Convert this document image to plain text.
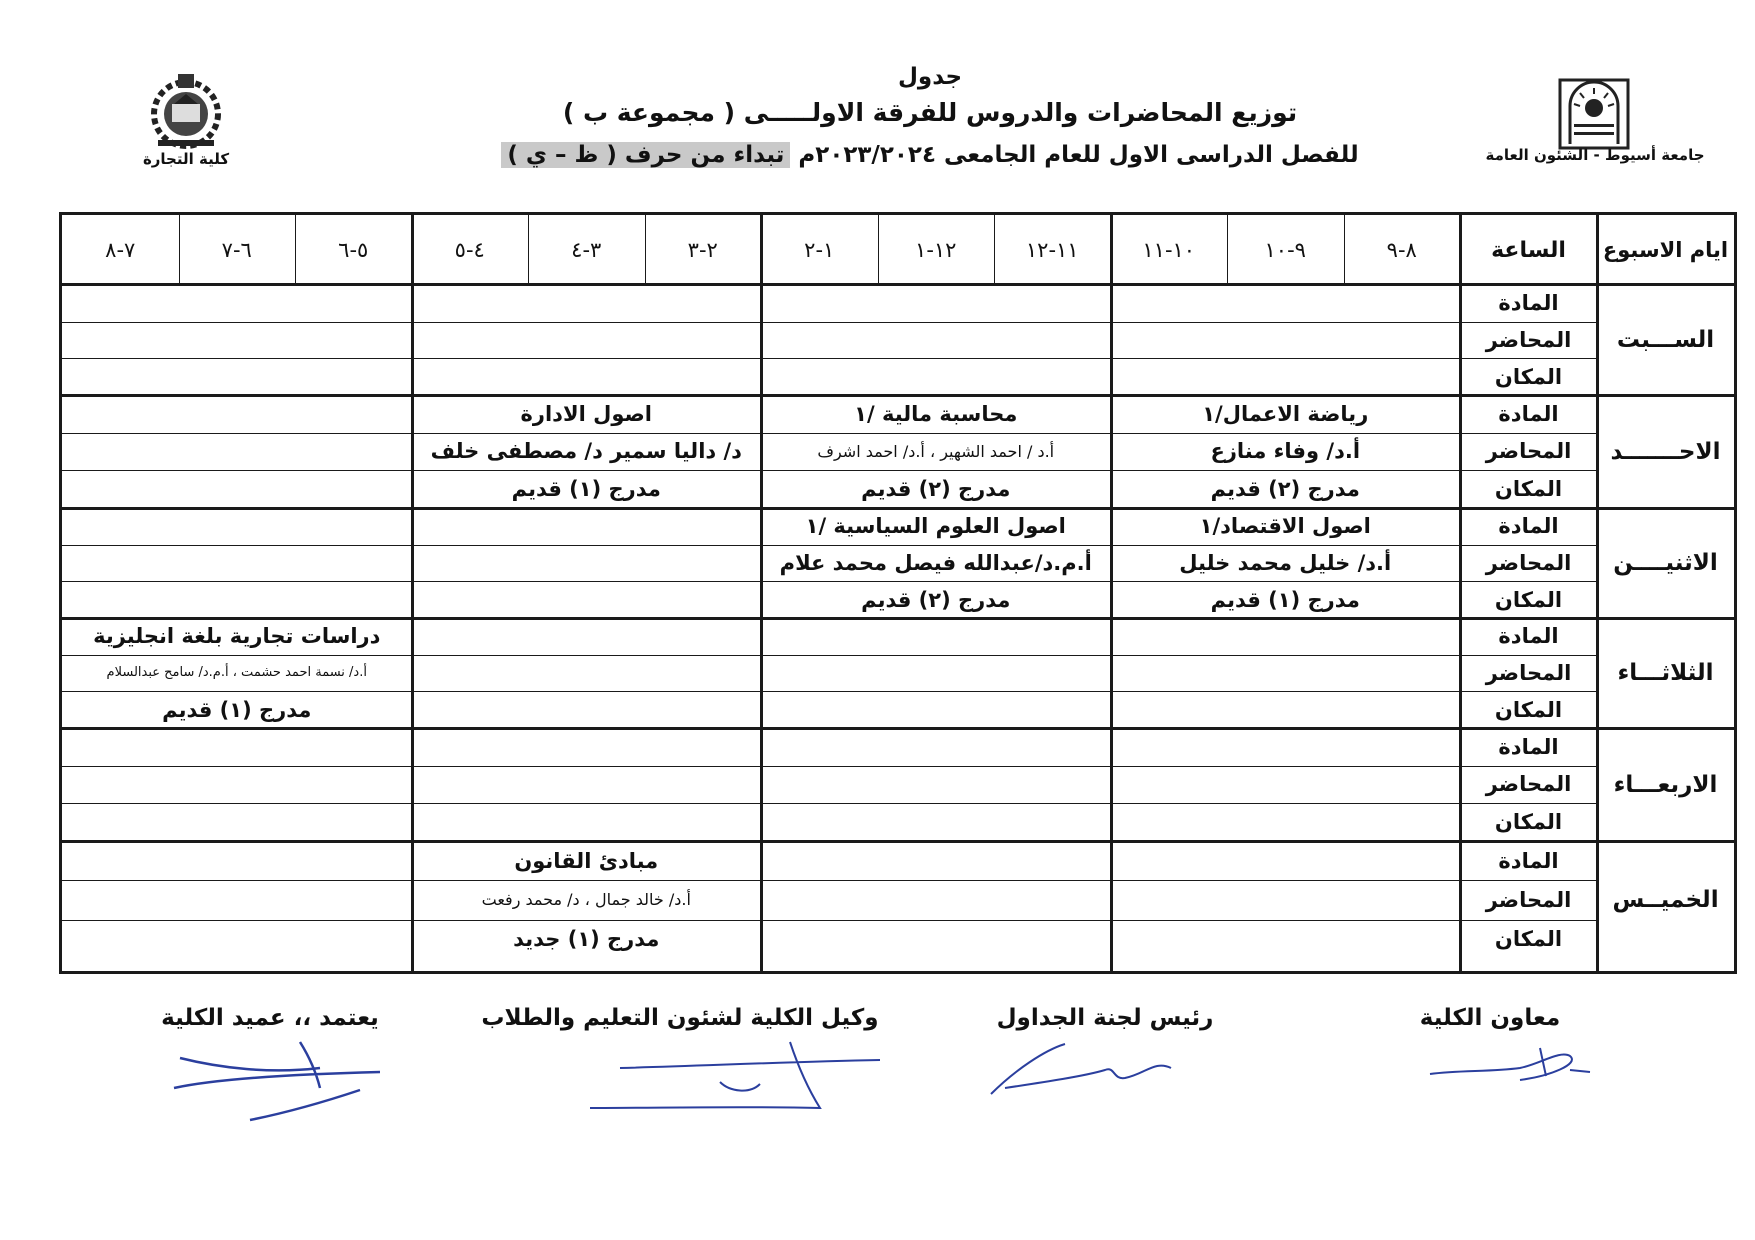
جدول
توزيع المحاضرات والدروس للفرقة الاولـــــى ( مجموعة ب )
للفصل الدراسى الاول للعام الجامعى ٢٠٢٣/٢٠٢٤م تبداء من حرف ( ظ – ي )	جامعة أسيوط - الشئون العامة
كلية التجارة
ايام الاسبوع
الساعة
٨-٩
٩-١٠
١٠-١١
١١-١٢
١٢-١
١-٢
٢-٣
٣-٤
٤-٥
٥-٦
٦-٧
٧-٨
الســـبت
المادة
المحاضر
المكان
الاحـــــــد
المادة
المحاضر
المكان
الاثنيــــن
المادة
المحاضر
المكان
الثلاثـــاء
المادة
المحاضر
المكان
الاربعـــاء
المادة
المحاضر
المكان
الخميــس
المادة
المحاضر
المكان
رياضة الاعمال/١
أ.د/ وفاء منازع
مدرج (٢) قديم
محاسبة مالية /١
أ.د / احمد الشهير ، أ.د/ احمد اشرف
مدرج (٢) قديم
اصول الادارة
د/ داليا سمير د/ مصطفى خلف
مدرج (١) قديم
اصول الاقتصاد/١
أ.د/ خليل محمد خليل
مدرج (١) قديم
اصول العلوم السياسية /١
أ.م.د/عبدالله فيصل محمد علام
مدرج (٢) قديم
دراسات تجارية بلغة انجليزية
أ.د/ نسمة احمد حشمت ، أ.م.د/ سامح عبدالسلام
مدرج (١) قديم
مبادئ القانون
أ.د/ خالد جمال ، د/ محمد رفعت
مدرج (١) جديد
معاون الكلية
رئيس لجنة الجداول
وكيل الكلية لشئون التعليم والطلاب
يعتمد ،، عميد الكلية
